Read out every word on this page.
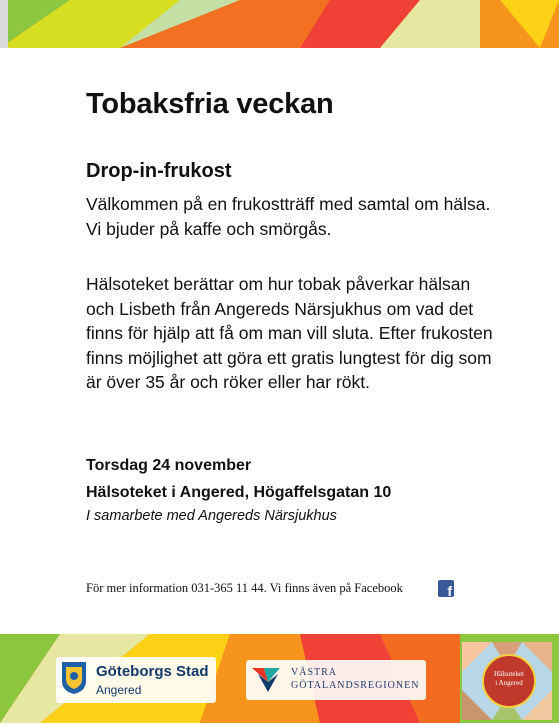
Tobaksfria veckan
Drop-in-frukost

Välkommen på en frukostträff med samtal om hälsa. Vi bjuder på kaffe och smörgås.

Hälsoteket berättar om hur tobak påverkar hälsan och Lisbeth från Angereds Närsjukhus om vad det finns för hjälp att få om man vill sluta. Efter frukosten finns möjlighet att göra ett gratis lungtest för dig som är över 35 år och röker eller har rökt.

Torsdag 24 november

Hälsoteket i Angered, Högaffelsgatan 10

I samarbete med Angereds Närsjukhus

För mer information 031-365 11 44. Vi finns även på Facebook	f

Göteborgs Stad

Angered

VÄSTRA

GÖTALANDSREGIONEN

Hälsoteket

i Angered
